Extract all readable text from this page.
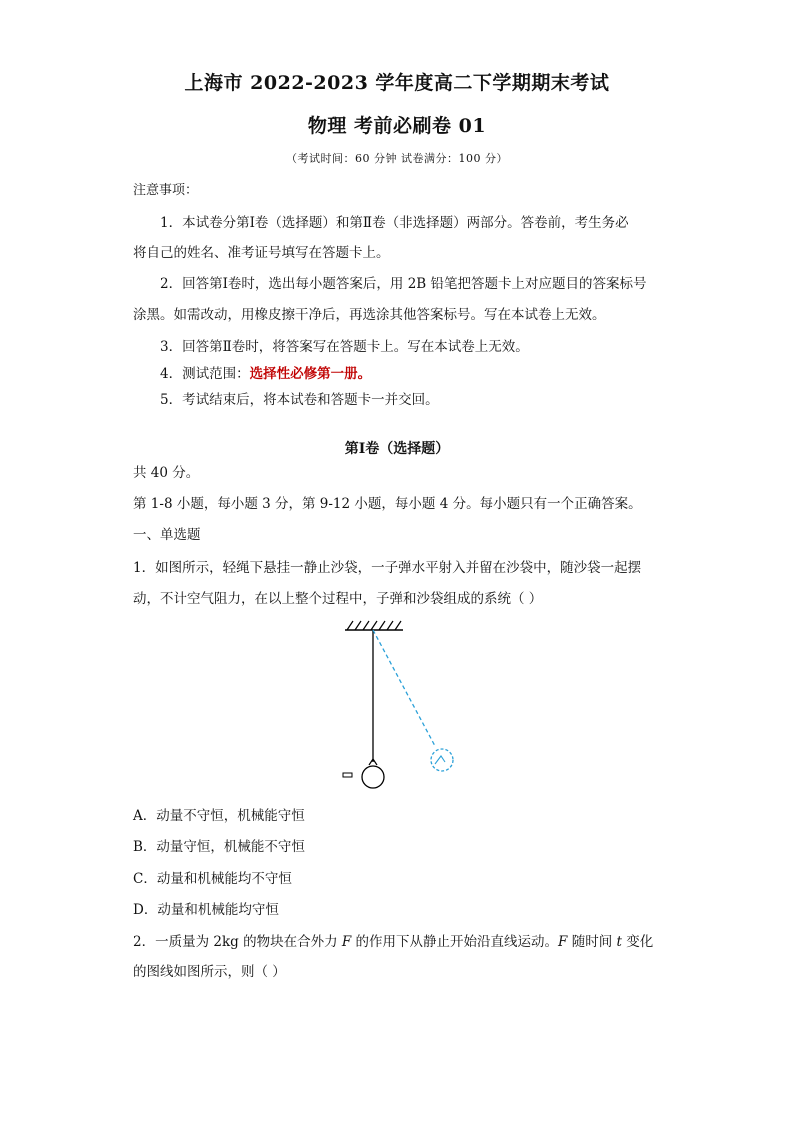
上海市 2022-2023 学年度高二下学期期末考试
物理 考前必刷卷 01
（考试时间：60 分钟 试卷满分：100 分）
注意事项：
1．本试卷分第Ⅰ卷（选择题）和第Ⅱ卷（非选择题）两部分。答卷前，考生务必
将自己的姓名、准考证号填写在答题卡上。
2．回答第Ⅰ卷时，选出每小题答案后，用 2B 铅笔把答题卡上对应题目的答案标号
涂黑。如需改动，用橡皮擦干净后，再选涂其他答案标号。写在本试卷上无效。
3．回答第Ⅱ卷时，将答案写在答题卡上。写在本试卷上无效。
4．测试范围：选择性必修第一册。
5．考试结束后，将本试卷和答题卡一并交回。
第Ⅰ卷（选择题）
共 40 分。
第 1-8 小题，每小题 3 分，第 9-12 小题，每小题 4 分。每小题只有一个正确答案。
一、单选题
1．如图所示，轻绳下悬挂一静止沙袋，一子弹水平射入并留在沙袋中，随沙袋一起摆
动，不计空气阻力，在以上整个过程中，子弹和沙袋组成的系统（ ）
A．动量不守恒，机械能守恒
B．动量守恒，机械能不守恒
C．动量和机械能均不守恒
D．动量和机械能均守恒
2．一质量为 2kg 的物块在合外力 F 的作用下从静止开始沿直线运动。F 随时间 t 变化
的图线如图所示，则（ ）
